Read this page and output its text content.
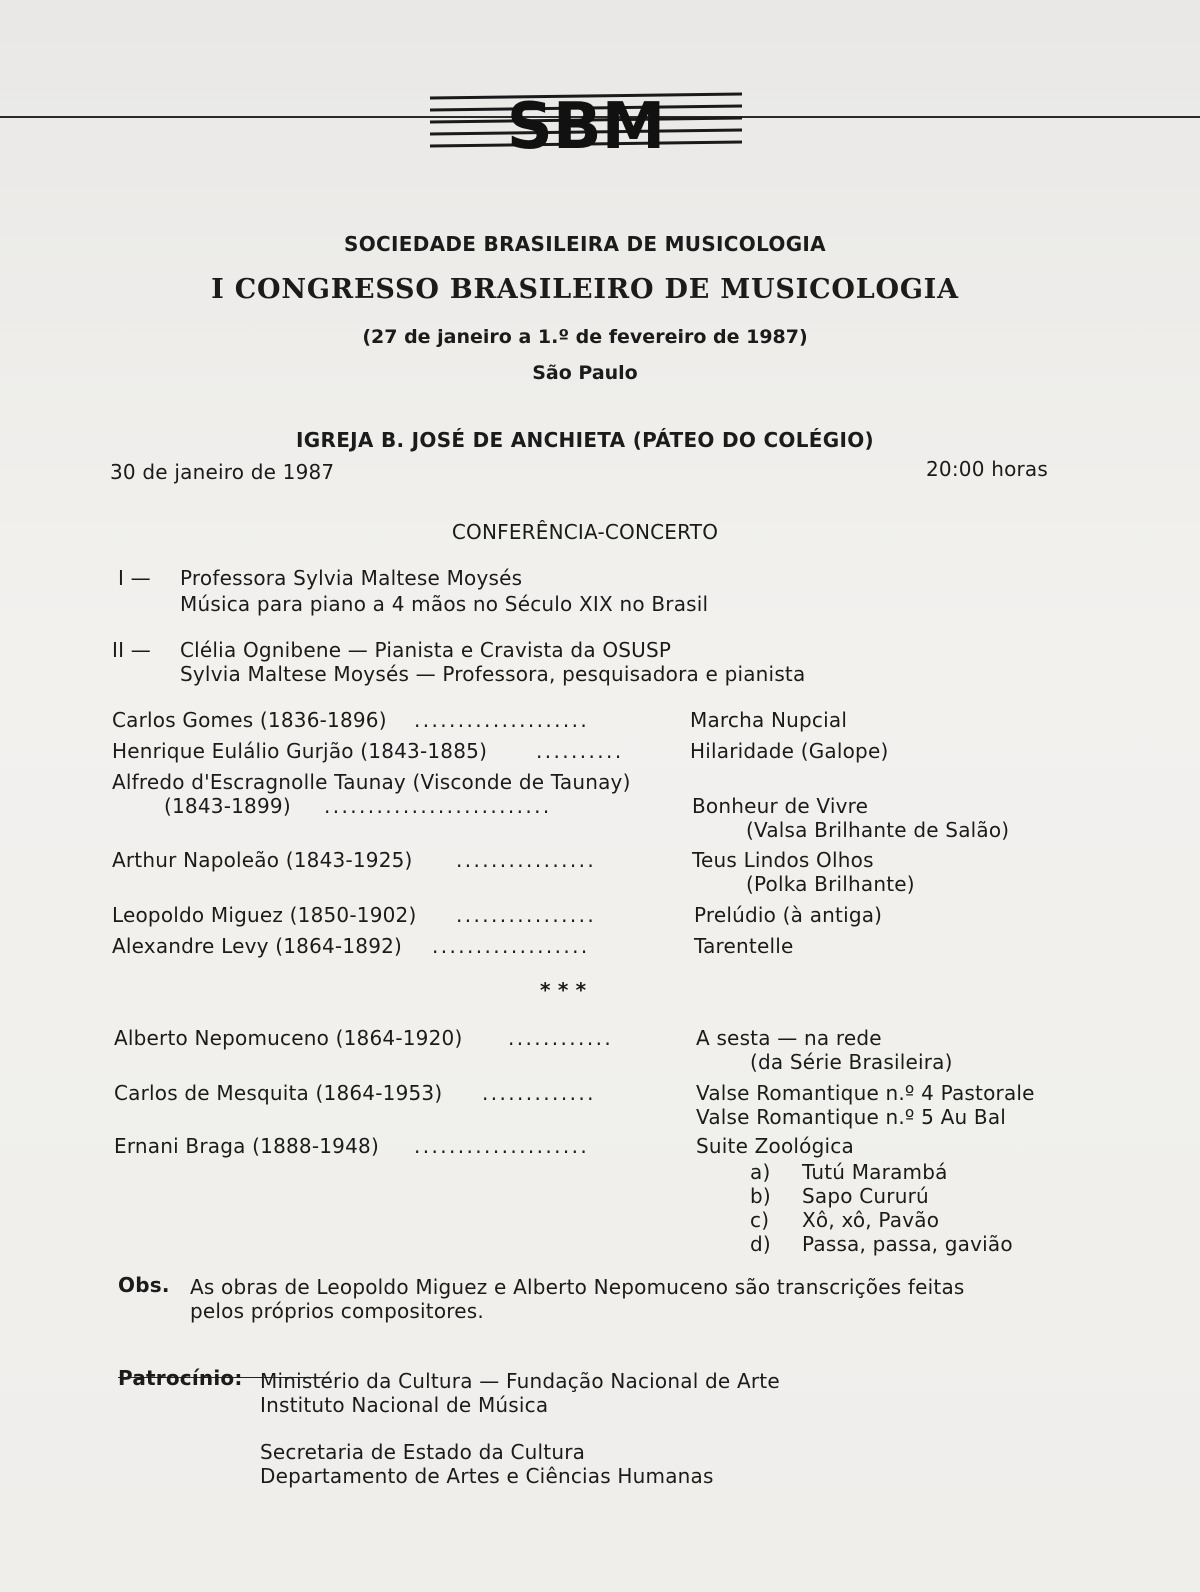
SBM
SOCIEDADE BRASILEIRA DE MUSICOLOGIA
I CONGRESSO BRASILEIRO DE MUSICOLOGIA
(27 de janeiro a 1.º de fevereiro de 1987)
São Paulo
IGREJA B. JOSÉ DE ANCHIETA (PÁTEO DO COLÉGIO)
30 de janeiro de 1987	20:00 horas
CONFERÊNCIA-CONCERTO
I — Professora Sylvia Maltese Moysés
Música para piano a 4 mãos no Século XIX no Brasil
II — Clélia Ognibene — Pianista e Cravista da OSUSP
Sylvia Maltese Moysés — Professora, pesquisadora e pianista
Carlos Gomes (1836-1896) ....................	Marcha Nupcial
Henrique Eulálio Gurjão (1843-1885) ..........	Hilaridade (Galope)
Alfredo d'Escragnolle Taunay (Visconde de Taunay)
(1843-1899) ..........................	Bonheur de Vivre
(Valsa Brilhante de Salão)
Arthur Napoleão (1843-1925) ................	Teus Lindos Olhos
(Polka Brilhante)
Leopoldo Miguez (1850-1902) ................	Prelúdio (à antiga)
Alexandre Levy (1864-1892) ..................	Tarentelle
* * *
Alberto Nepomuceno (1864-1920) ............	A sesta — na rede
(da Série Brasileira)
Carlos de Mesquita (1864-1953) .............	Valse Romantique n.º 4 Pastorale
Valse Romantique n.º 5 Au Bal
Ernani Braga (1888-1948) ....................	Suite Zoológica
a) Tutú Marambá
b) Sapo Cururú
c) Xô, xô, Pavão
d) Passa, passa, gavião
Obs. As obras de Leopoldo Miguez e Alberto Nepomuceno são transcrições feitas
pelos próprios compositores.
Patrocínio: Ministério da Cultura — Fundação Nacional de Arte
Instituto Nacional de Música
Secretaria de Estado da Cultura
Departamento de Artes e Ciências Humanas
